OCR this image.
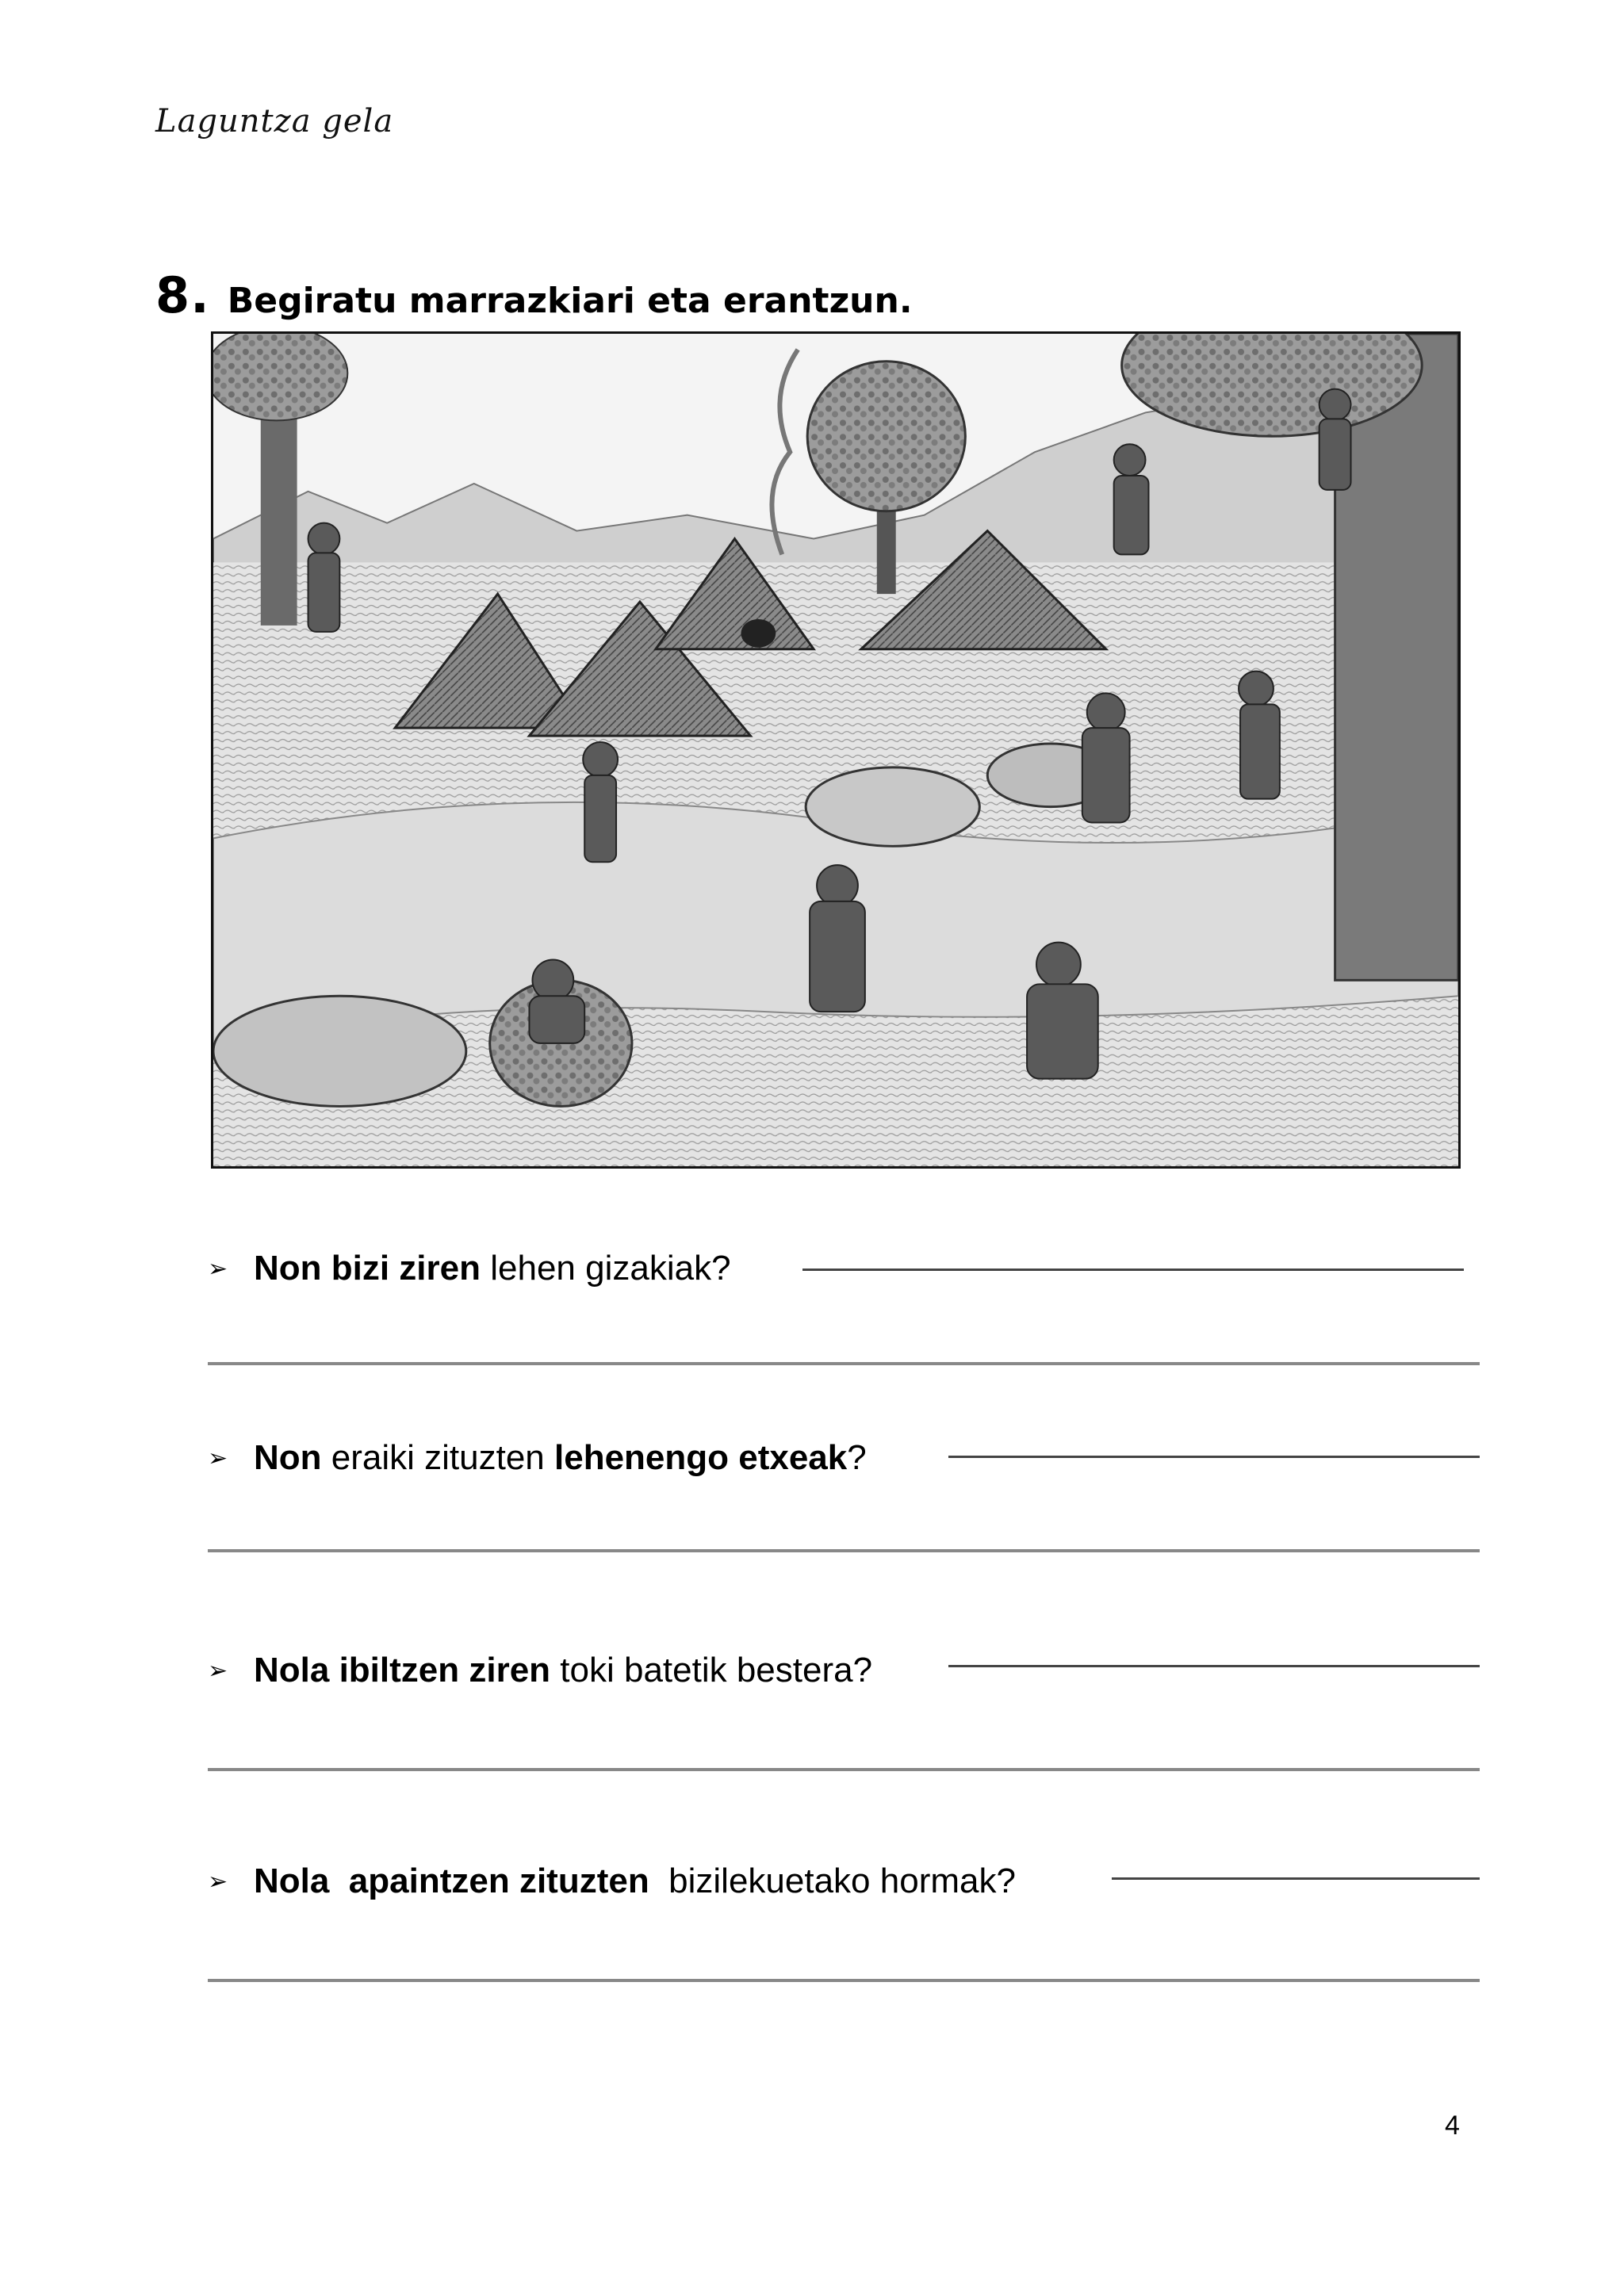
Laguntza gela
8. Begiratu marrazkiari eta erantzun.
➢ Non bizi ziren lehen gizakiak?
➢ Non eraiki zituzten lehenengo etxeak?
➢ Nola ibiltzen ziren toki batetik bestera?
➢ Nola  apaintzen zituzten  bizilekuetako hormak?
4
